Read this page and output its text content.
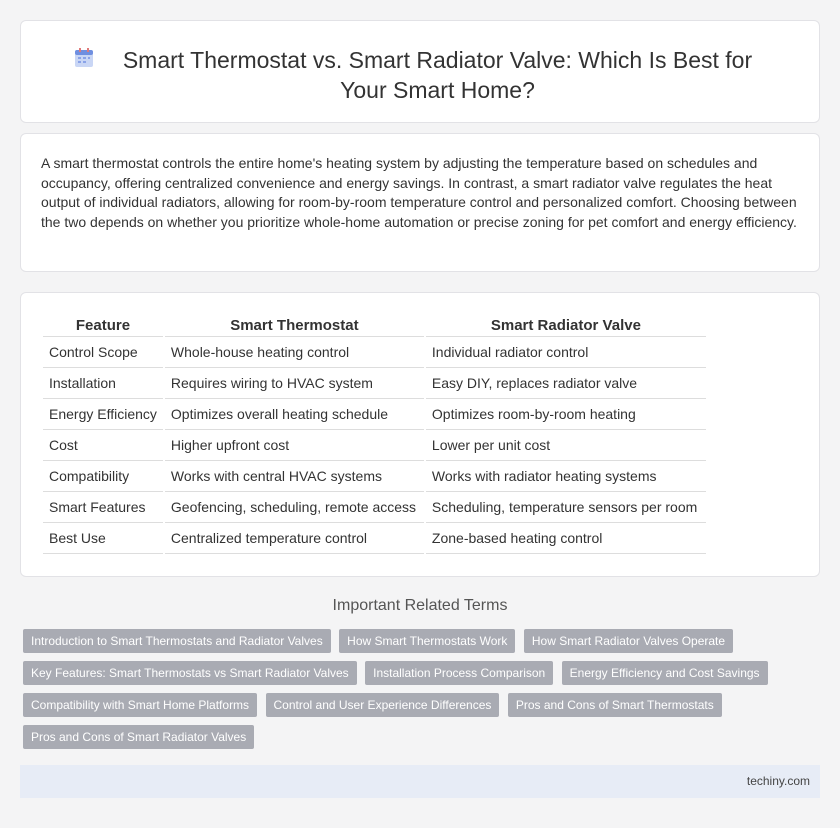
Smart Thermostat vs. Smart Radiator Valve: Which Is Best for Your Smart Home?

A smart thermostat controls the entire home's heating system by adjusting the temperature based on schedules and occupancy, offering centralized convenience and energy savings. In contrast, a smart radiator valve regulates the heat output of individual radiators, allowing for room-by-room temperature control and personalized comfort. Choosing between the two depends on whether you prioritize whole-home automation or precise zoning for pet comfort and energy efficiency.

Feature	Smart Thermostat	Smart Radiator Valve
Control Scope	Whole-house heating control	Individual radiator control
Installation	Requires wiring to HVAC system	Easy DIY, replaces radiator valve
Energy Efficiency	Optimizes overall heating schedule	Optimizes room-by-room heating
Cost	Higher upfront cost	Lower per unit cost
Compatibility	Works with central HVAC systems	Works with radiator heating systems
Smart Features	Geofencing, scheduling, remote access	Scheduling, temperature sensors per room
Best Use	Centralized temperature control	Zone-based heating control
Important Related Terms
Introduction to Smart Thermostats and Radiator Valves How Smart Thermostats Work How Smart Radiator Valves Operate Key Features: Smart Thermostats vs Smart Radiator Valves Installation Process Comparison Energy Efficiency and Cost Savings Compatibility with Smart Home Platforms Control and User Experience Differences Pros and Cons of Smart Thermostats Pros and Cons of Smart Radiator Valves
techiny.com
